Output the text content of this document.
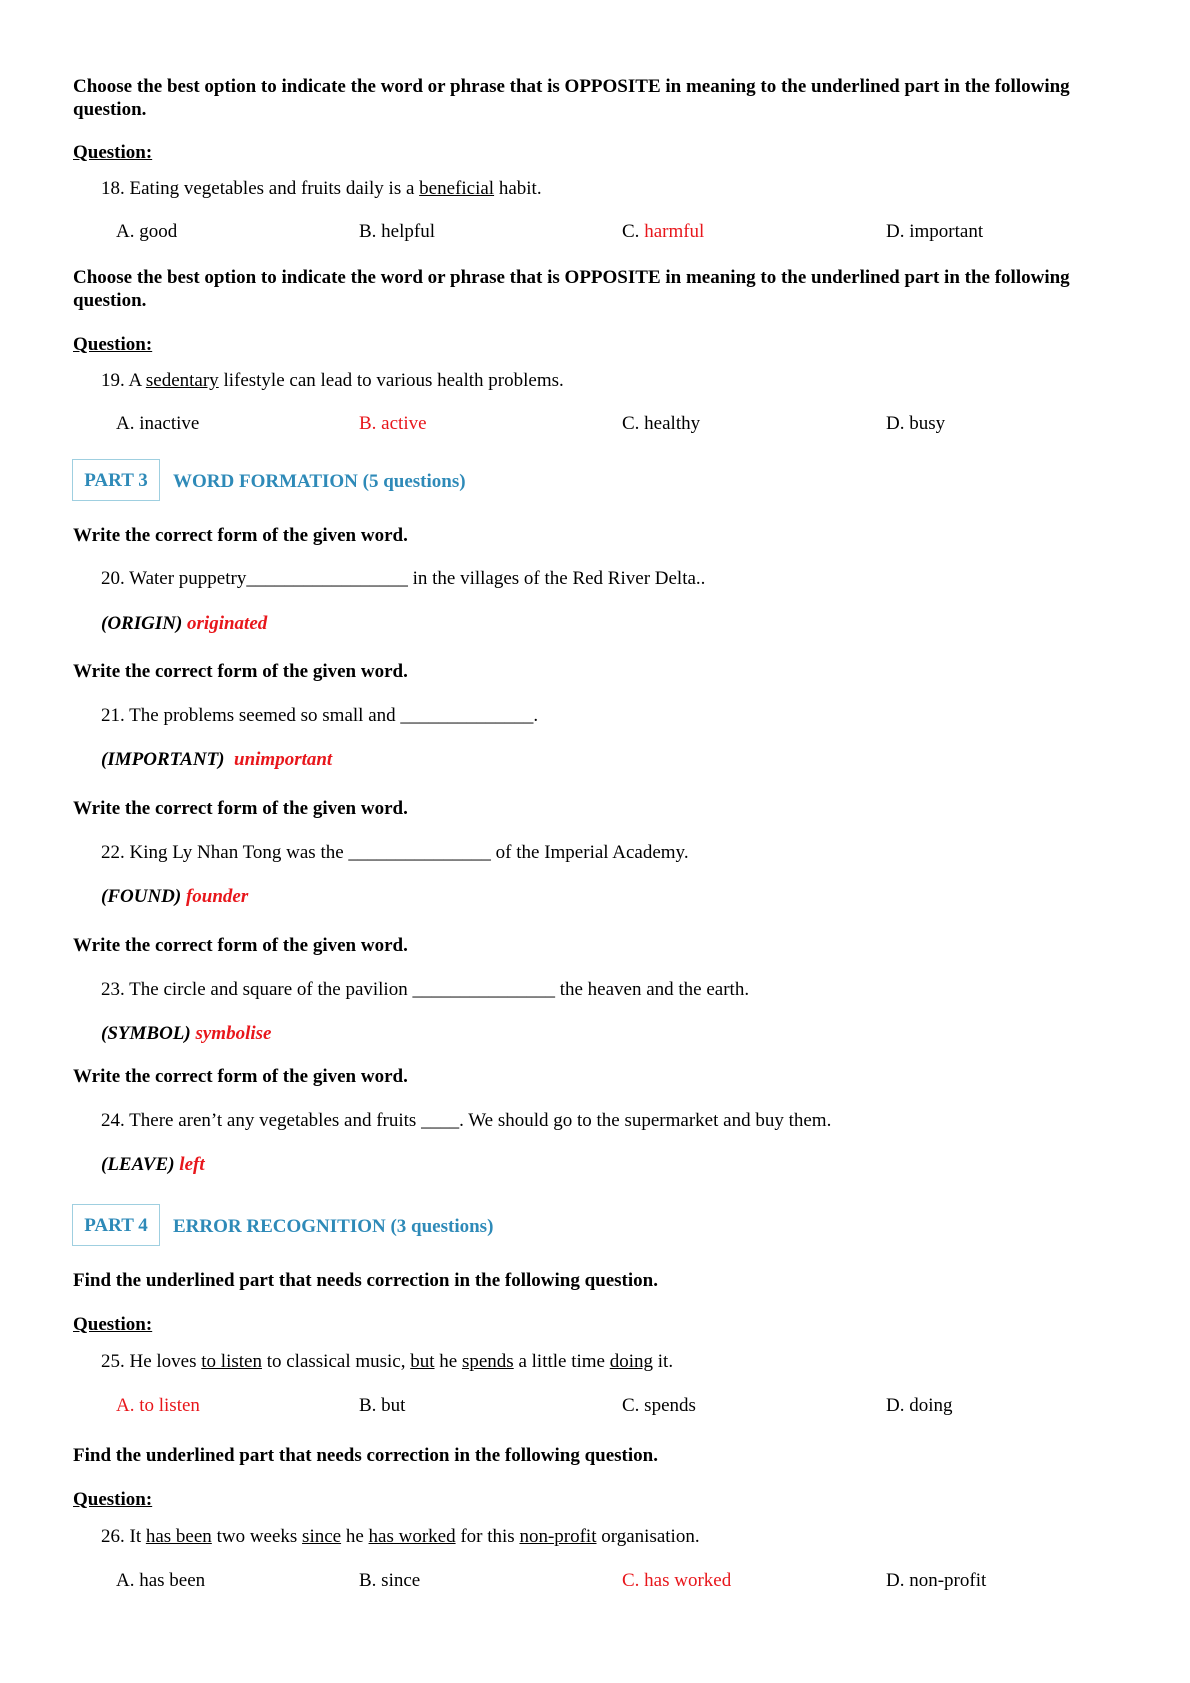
Choose the best option to indicate the word or phrase that is OPPOSITE in meaning to the underlined part in the following question.
Question:
18. Eating vegetables and fruits daily is a beneficial habit.
A. good	B. helpful	C. harmful	D. important
Choose the best option to indicate the word or phrase that is OPPOSITE in meaning to the underlined part in the following question.
Question:
19. A sedentary lifestyle can lead to various health problems.
A. inactive	B. active	C. healthy	D. busy
PART 3	WORD FORMATION (5 questions)
Write the correct form of the given word.
20. Water puppetry_________________ in the villages of the Red River Delta..
(ORIGIN) originated
Write the correct form of the given word.
21. The problems seemed so small and ______________.
(IMPORTANT) unimportant
Write the correct form of the given word.
22. King Ly Nhan Tong was the _______________ of the Imperial Academy.
(FOUND) founder
Write the correct form of the given word.
23. The circle and square of the pavilion _______________ the heaven and the earth.
(SYMBOL) symbolise
Write the correct form of the given word.
24. There aren’t any vegetables and fruits ____. We should go to the supermarket and buy them.
(LEAVE) left
PART 4	ERROR RECOGNITION (3 questions)
Find the underlined part that needs correction in the following question.
Question:
25. He loves to listen to classical music, but he spends a little time doing it.
A. to listen	B. but	C. spends	D. doing
Find the underlined part that needs correction in the following question.
Question:
26. It has been two weeks since he has worked for this non-profit organisation.
A. has been	B. since	C. has worked	D. non-profit
